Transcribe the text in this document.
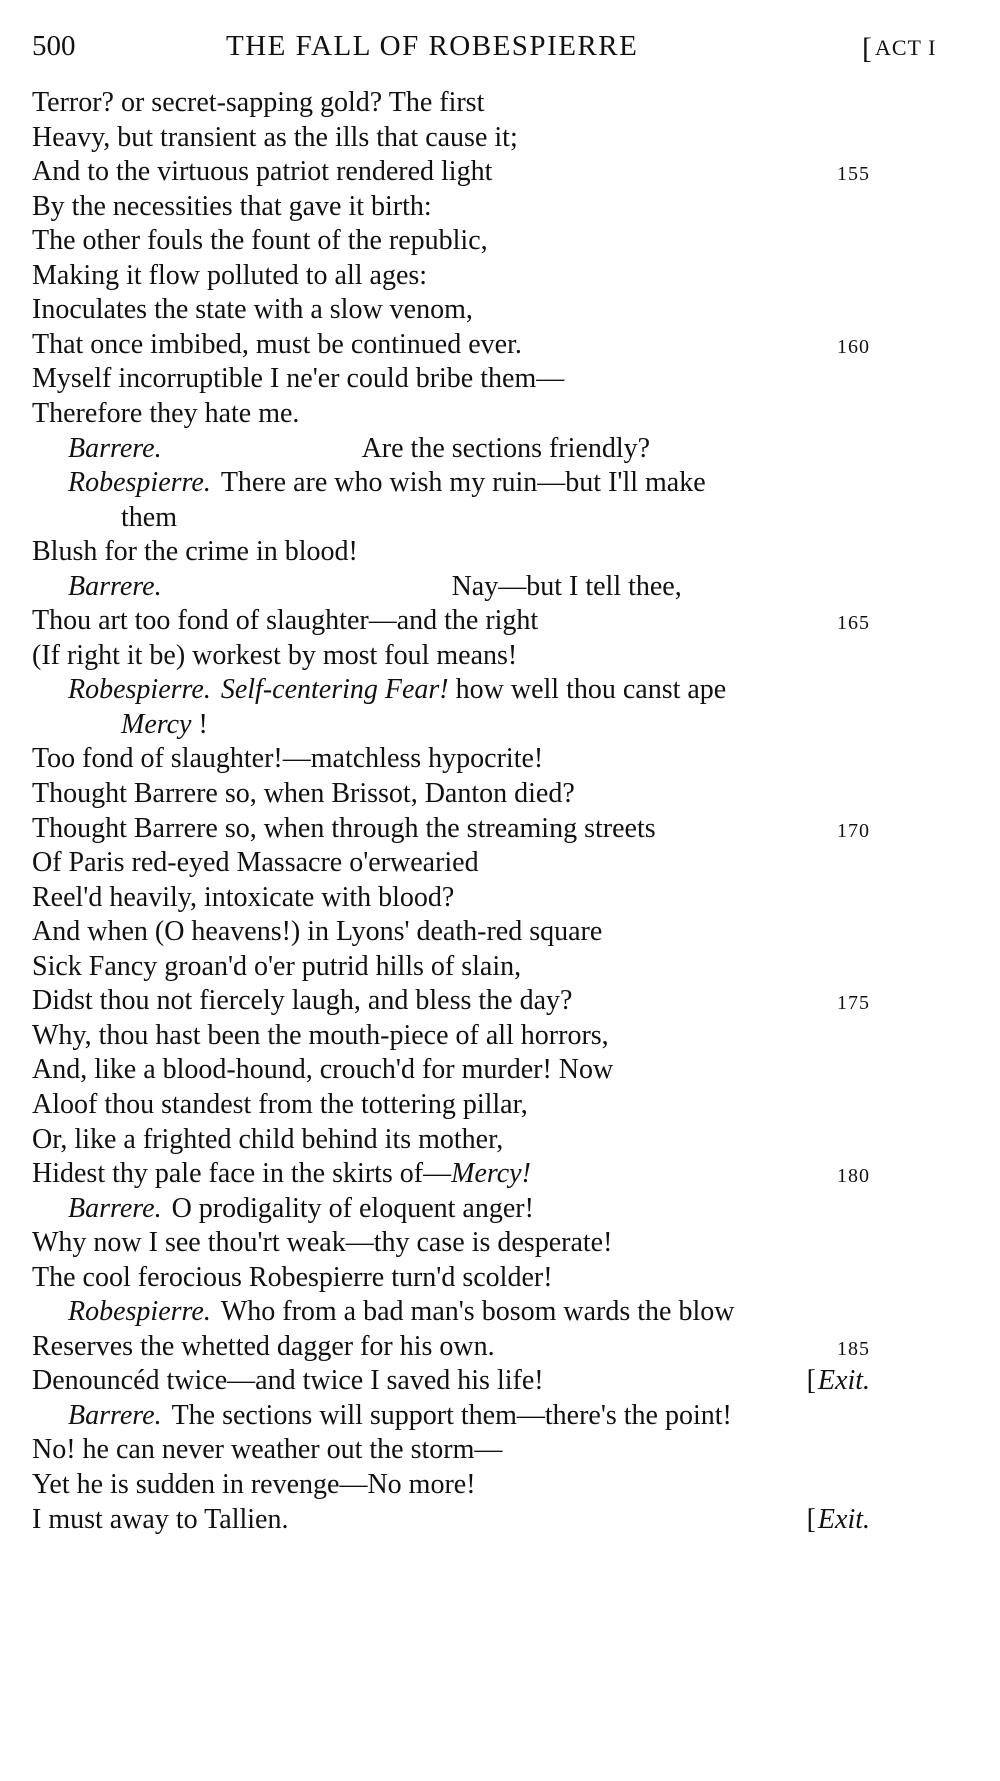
500	THE FALL OF ROBESPIERRE	[ACT I
Terror? or secret-sapping gold? The first
Heavy, but transient as the ills that cause it;
And to the virtuous patriot rendered light	155
By the necessities that gave it birth:
The other fouls the fount of the republic,
Making it flow polluted to all ages:
Inoculates the state with a slow venom,
That once imbibed, must be continued ever.	160
Myself incorruptible I ne'er could bribe them—
Therefore they hate me.
Barrere.	Are the sections friendly?
Robespierre. There are who wish my ruin—but I'll make
them
Blush for the crime in blood!
Barrere.	Nay—but I tell thee,
Thou art too fond of slaughter—and the right	165
(If right it be) workest by most foul means!
Robespierre. Self-centering Fear! how well thou canst ape
Mercy !
Too fond of slaughter!—matchless hypocrite!
Thought Barrere so, when Brissot, Danton died?
Thought Barrere so, when through the streaming streets	170
Of Paris red-eyed Massacre o'erwearied
Reel'd heavily, intoxicate with blood?
And when (O heavens!) in Lyons' death-red square
Sick Fancy groan'd o'er putrid hills of slain,
Didst thou not fiercely laugh, and bless the day?	175
Why, thou hast been the mouth-piece of all horrors,
And, like a blood-hound, crouch'd for murder! Now
Aloof thou standest from the tottering pillar,
Or, like a frighted child behind its mother,
Hidest thy pale face in the skirts of—Mercy!	180
Barrere. O prodigality of eloquent anger!
Why now I see thou'rt weak—thy case is desperate!
The cool ferocious Robespierre turn'd scolder!
Robespierre. Who from a bad man's bosom wards the blow
Reserves the whetted dagger for his own.	185
Denouncéd twice—and twice I saved his life!	[Exit.
Barrere. The sections will support them—there's the point!
No! he can never weather out the storm—
Yet he is sudden in revenge—No more!
I must away to Tallien.	[Exit.
